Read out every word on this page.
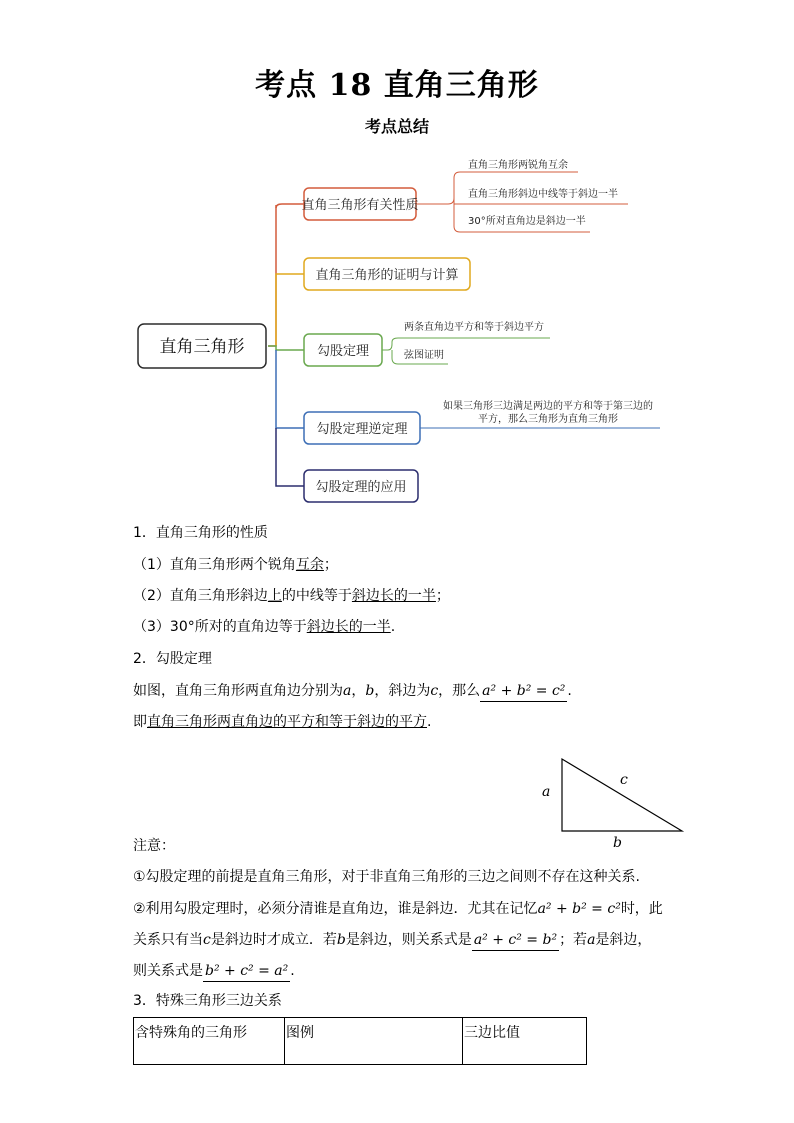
考点 18 直角三角形
考点总结
直角三角形
直角三角形有关性质
直角三角形两锐角互余
直角三角形斜边中线等于斜边一半
30°所对直角边是斜边一半
直角三角形的证明与计算
勾股定理
两条直角边平方和等于斜边平方
弦图证明
勾股定理逆定理
如果三角形三边满足两边的平方和等于第三边的
平方，那么三角形为直角三角形
勾股定理的应用
1．直角三角形的性质
（1）直角三角形两个锐角互余；
（2）直角三角形斜边上的中线等于斜边长的一半；
（3）30°所对的直角边等于斜边长的一半.
2．勾股定理
如图，直角三角形两直角边分别为a，b，斜边为c，那么 a² + b² = c² .
即直角三角形两直角边的平方和等于斜边的平方.
a
c
b
注意：
①勾股定理的前提是直角三角形，对于非直角三角形的三边之间则不存在这种关系.
②利用勾股定理时，必须分清谁是直角边，谁是斜边．尤其在记忆a² + b² = c²时，此
关系只有当c是斜边时才成立．若b是斜边，则关系式是 a² + c² = b² ；若a是斜边，
则关系式是 b² + c² = a² .
3．特殊三角形三边关系
含特殊角的三角形	图例	三边比值
